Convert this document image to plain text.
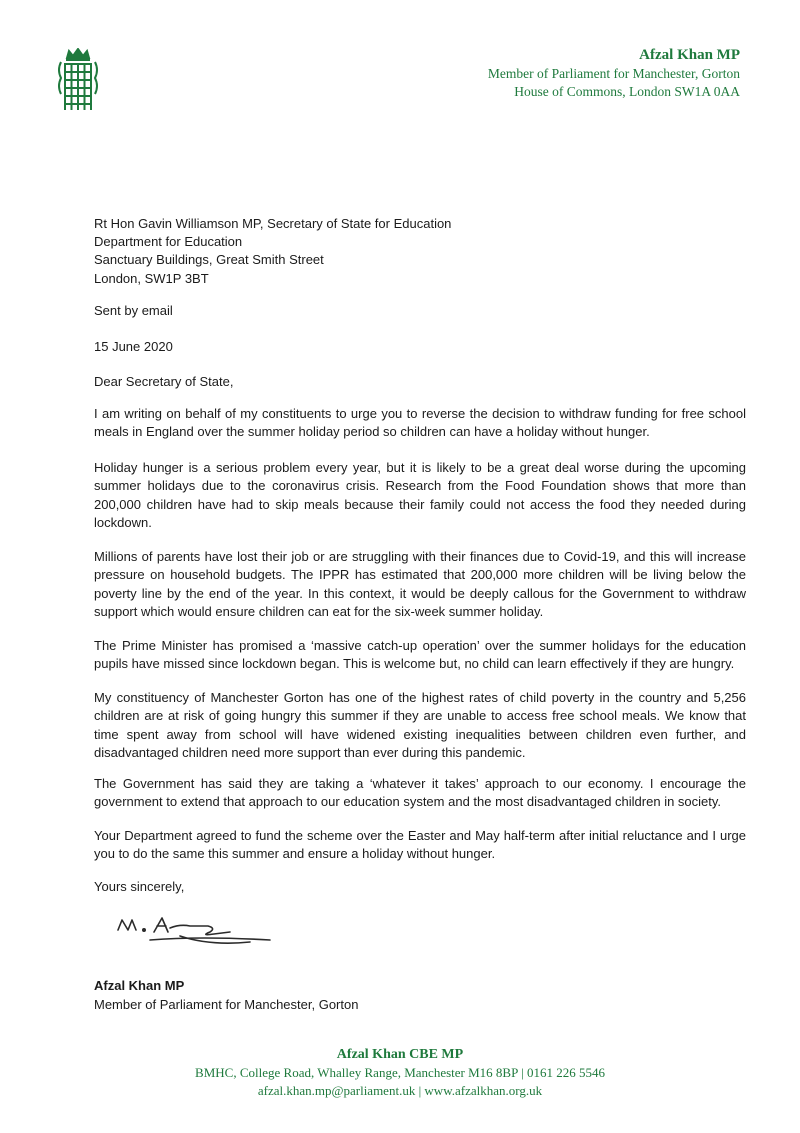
Afzal Khan MP
Member of Parliament for Manchester, Gorton
House of Commons, London SW1A 0AA
Rt Hon Gavin Williamson MP, Secretary of State for Education
Department for Education
Sanctuary Buildings, Great Smith Street
London, SW1P 3BT
Sent by email
15 June 2020
Dear Secretary of State,

I am writing on behalf of my constituents to urge you to reverse the decision to withdraw funding for free school meals in England over the summer holiday period so children can have a holiday without hunger.

Holiday hunger is a serious problem every year, but it is likely to be a great deal worse during the upcoming summer holidays due to the coronavirus crisis. Research from the Food Foundation shows that more than 200,000 children have had to skip meals because their family could not access the food they needed during lockdown.

Millions of parents have lost their job or are struggling with their finances due to Covid-19, and this will increase pressure on household budgets. The IPPR has estimated that 200,000 more children will be living below the poverty line by the end of the year. In this context, it would be deeply callous for the Government to withdraw support which would ensure children can eat for the six-week summer holiday.

The Prime Minister has promised a ‘massive catch-up operation’ over the summer holidays for the education pupils have missed since lockdown began. This is welcome but, no child can learn effectively if they are hungry.

My constituency of Manchester Gorton has one of the highest rates of child poverty in the country and 5,256 children are at risk of going hungry this summer if they are unable to access free school meals. We know that time spent away from school will have widened existing inequalities between children even further, and disadvantaged children need more support than ever during this pandemic.

The Government has said they are taking a ‘whatever it takes’ approach to our economy. I encourage the government to extend that approach to our education system and the most disadvantaged children in society.

Your Department agreed to fund the scheme over the Easter and May half-term after initial reluctance and I urge you to do the same this summer and ensure a holiday without hunger.

Yours sincerely,
Afzal Khan MP
Member of Parliament for Manchester, Gorton
Afzal Khan CBE MP
BMHC, College Road, Whalley Range, Manchester M16 8BP | 0161 226 5546
afzal.khan.mp@parliament.uk | www.afzalkhan.org.uk
